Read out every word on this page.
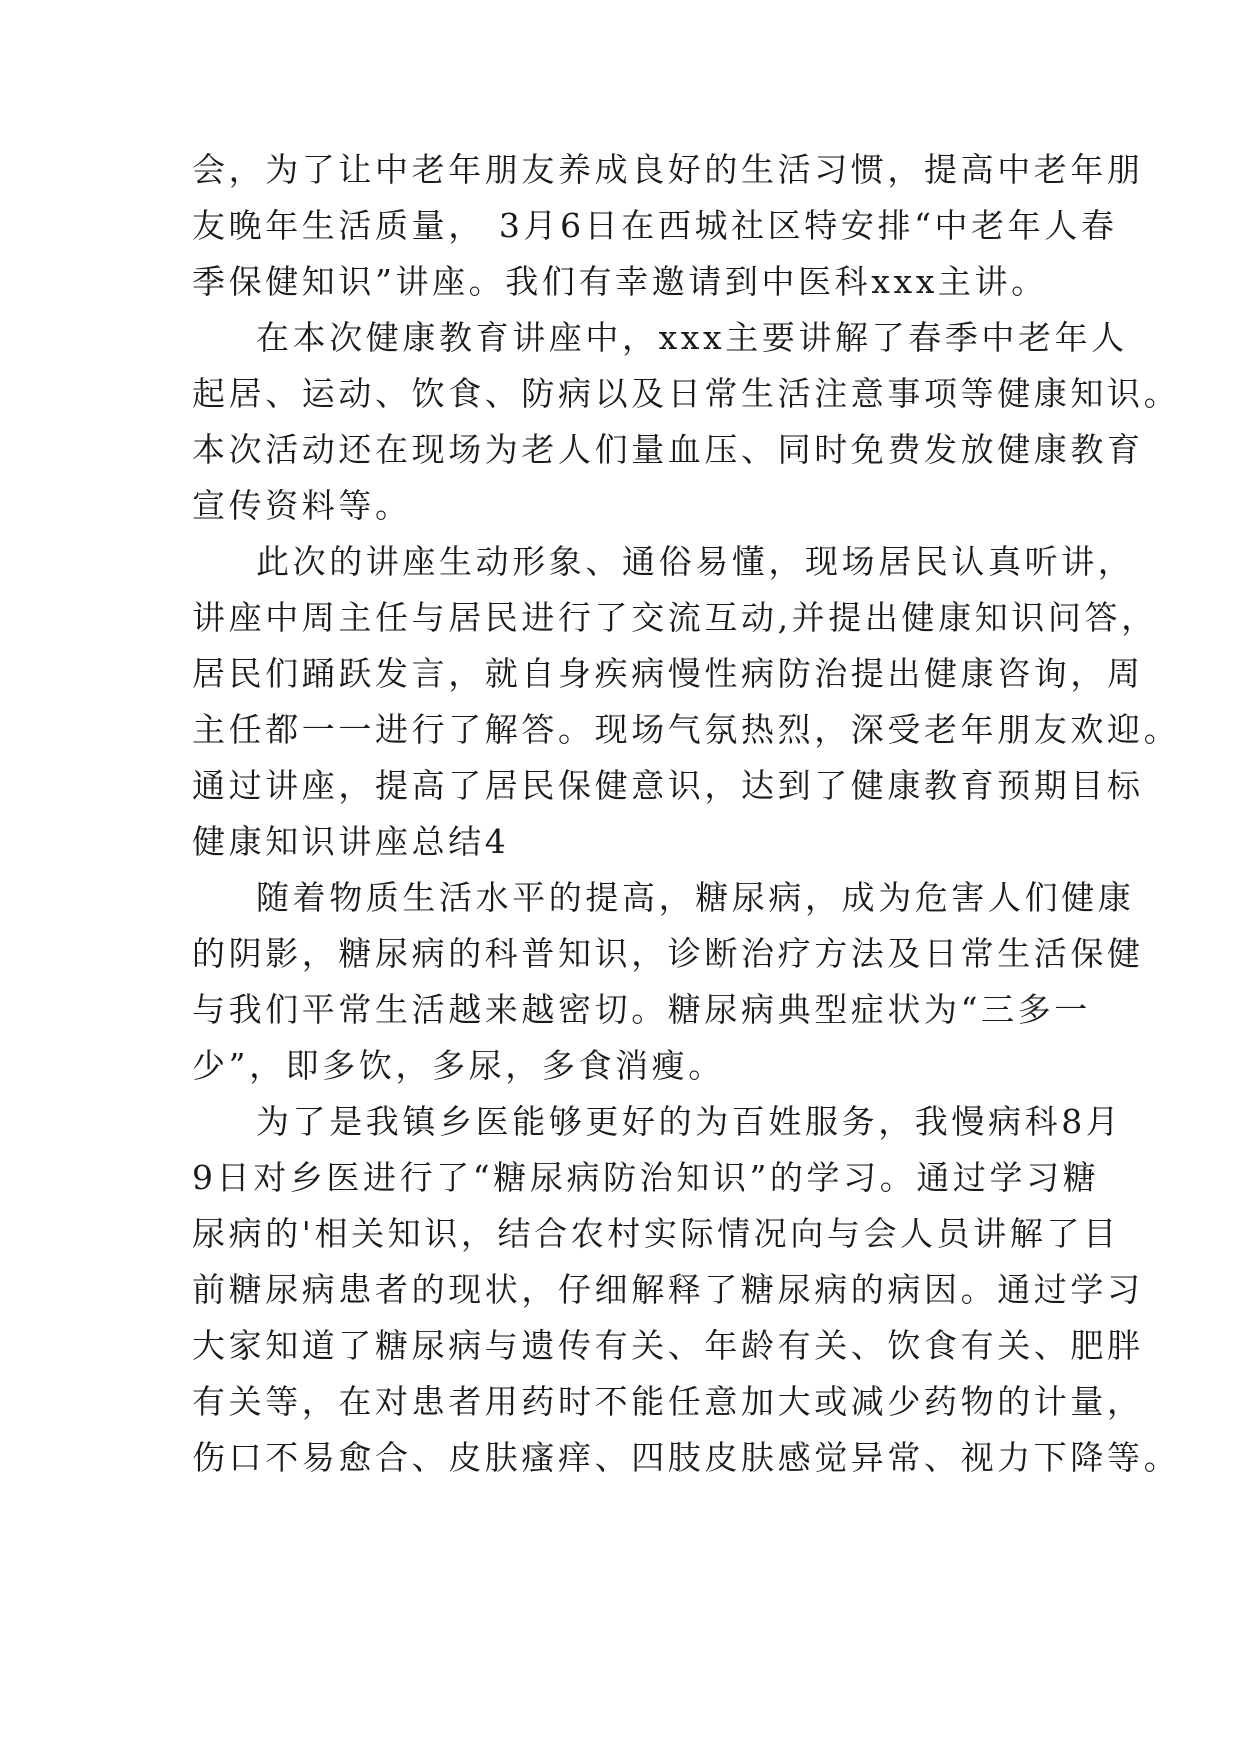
会，为了让中老年朋友养成良好的生活习惯，提高中老年朋
友晚年生活质量， 3月6日在西城社区特安排“中老年人春
季保健知识”讲座。我们有幸邀请到中医科xxx主讲。
在本次健康教育讲座中，xxx主要讲解了春季中老年人
起居、运动、饮食、防病以及日常生活注意事项等健康知识。
本次活动还在现场为老人们量血压、同时免费发放健康教育
宣传资料等。
此次的讲座生动形象、通俗易懂，现场居民认真听讲，
讲座中周主任与居民进行了交流互动,并提出健康知识问答，
居民们踊跃发言，就自身疾病慢性病防治提出健康咨询，周
主任都一一进行了解答。现场气氛热烈，深受老年朋友欢迎。
通过讲座，提高了居民保健意识，达到了健康教育预期目标
健康知识讲座总结4
随着物质生活水平的提高，糖尿病，成为危害人们健康
的阴影，糖尿病的科普知识，诊断治疗方法及日常生活保健
与我们平常生活越来越密切。糖尿病典型症状为“三多一
少”，即多饮，多尿，多食消瘦。
为了是我镇乡医能够更好的为百姓服务，我慢病科8月
9日对乡医进行了“糖尿病防治知识”的学习。通过学习糖
尿病的'相关知识，结合农村实际情况向与会人员讲解了目
前糖尿病患者的现状，仔细解释了糖尿病的病因。通过学习
大家知道了糖尿病与遗传有关、年龄有关、饮食有关、肥胖
有关等，在对患者用药时不能任意加大或减少药物的计量，
伤口不易愈合、皮肤瘙痒、四肢皮肤感觉异常、视力下降等。
